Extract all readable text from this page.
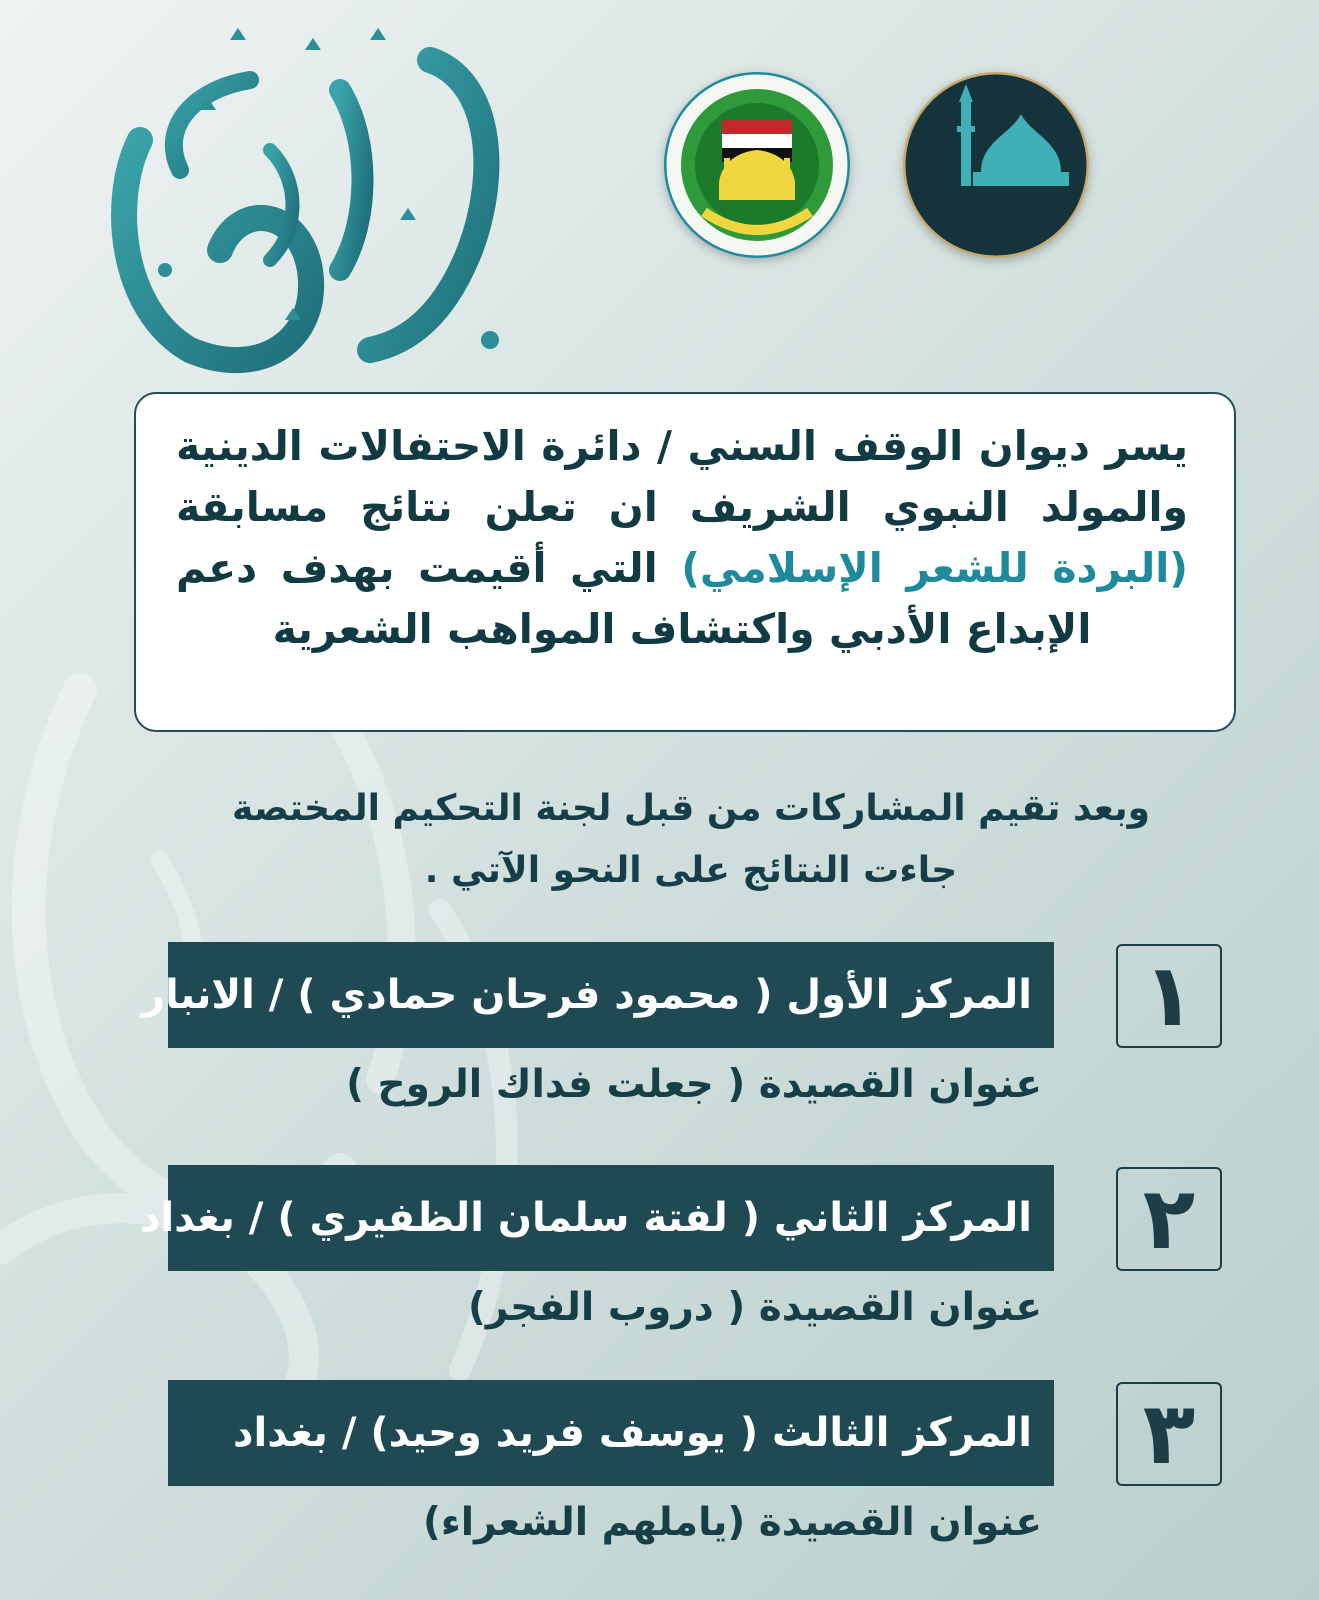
يسر ديوان الوقف السني / دائرة الاحتفالات الدينية والمولد النبوي الشريف ان تعلن نتائج مسابقة (البردة للشعر الإسلامي) التي أقيمت بهدف دعم الإبداع الأدبي واكتشاف المواهب الشعرية
وبعد تقيم المشاركات من قبل لجنة التحكيم المختصة
جاءت النتائج على النحو الآتي .
١
المركز الأول ( محمود فرحان حمادي ) / الانبار
عنوان القصيدة ( جعلت فداك الروح )
٢
المركز الثاني ( لفتة سلمان الظفيري ) / بغداد
عنوان القصيدة ( دروب الفجر)
٣
المركز الثالث ( يوسف فريد وحيد) / بغداد
عنوان القصيدة (يامله‍م الشعراء)
